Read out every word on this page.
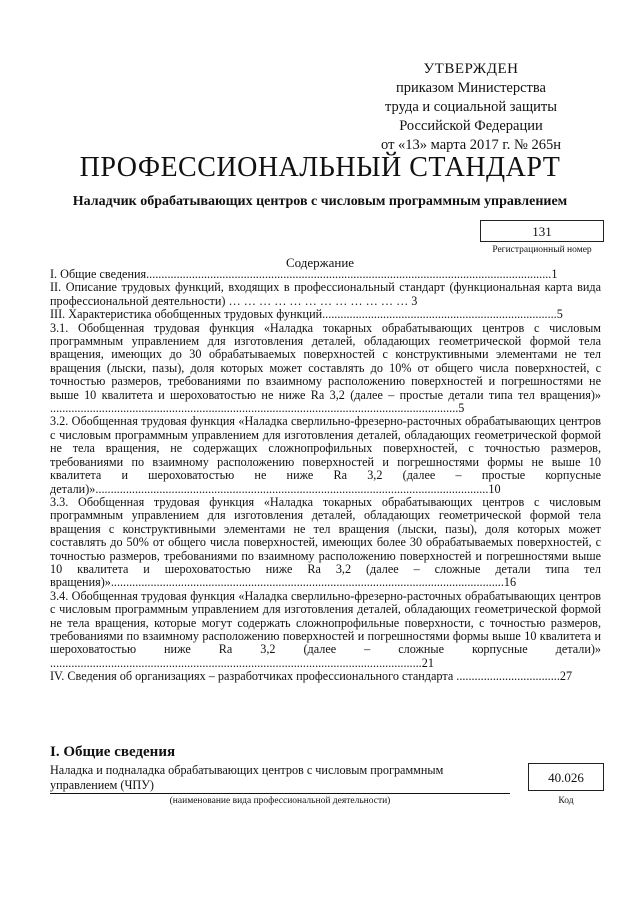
УТВЕРЖДЕН
приказом Министерства
труда и социальной защиты
Российской Федерации
от «13» марта 2017 г. № 265н
ПРОФЕССИОНАЛЬНЫЙ СТАНДАРТ
Наладчик обрабатывающих центров с числовым программным управлением
131
Регистрационный номер
Содержание
I. Общие сведения.....................................................................................................................................1
II. Описание трудовых функций, входящих в профессиональный стандарт (функциональная карта вида профессиональной деятельности) … … … … … … … … … … … … 3
III. Характеристика обобщенных трудовых функций.............................................................................5
3.1. Обобщенная трудовая функция «Наладка токарных обрабатывающих центров с числовым программным управлением для изготовления деталей, обладающих геометрической формой тела вращения, имеющих до 30 обрабатываемых поверхностей с конструктивными элементами не тел вращения (лыски, пазы), доля которых может составлять до 10% от общего числа поверхностей, с точностью размеров, требованиями по взаимному расположению поверхностей и погрешностями не выше 10 квалитета и шероховатостью не ниже Ra 3,2 (далее – простые детали типа тел вращения)» ......................................................................................................................................5
3.2. Обобщенная трудовая функция «Наладка сверлильно-фрезерно-расточных обрабатывающих центров с числовым программным управлением для изготовления деталей, обладающих геометрической формой не тела вращения, не содержащих сложнопрофильных поверхностей, с точностью размеров, требованиями по взаимному расположению поверхностей и погрешностями формы не выше 10 квалитета и шероховатостью не ниже Ra 3,2 (далее – простые корпусные детали)».................................................................................................................................10
3.3. Обобщенная трудовая функция «Наладка токарных обрабатывающих центров с числовым программным управлением для изготовления деталей, обладающих геометрической формой тела вращения с конструктивными элементами не тел вращения (лыски, пазы), доля которых может составлять до 50% от общего числа поверхностей, имеющих более 30 обрабатываемых поверхностей, с точностью размеров, требованиями по взаимному расположению поверхностей и погрешностями выше 10 квалитета и шероховатостью ниже Ra 3,2 (далее – сложные детали типа тел вращения)».................................................................................................................................16
3.4. Обобщенная трудовая функция «Наладка сверлильно-фрезерно-расточных обрабатывающих центров с числовым программным управлением для изготовления деталей, обладающих геометрической формой не тела вращения, которые могут содержать сложнопрофильные поверхности, с точностью размеров, требованиями по взаимному расположению поверхностей и погрешностями формы выше 10 квалитета и шероховатостью ниже Ra 3,2 (далее – сложные корпусные детали)» ..........................................................................................................................21
IV. Сведения об организациях – разработчиках профессионального стандарта ..................................27
I. Общие сведения
Наладка и подналадка обрабатывающих центров с числовым программным управлением (ЧПУ)
(наименование вида профессиональной деятельности)
40.026
Код
